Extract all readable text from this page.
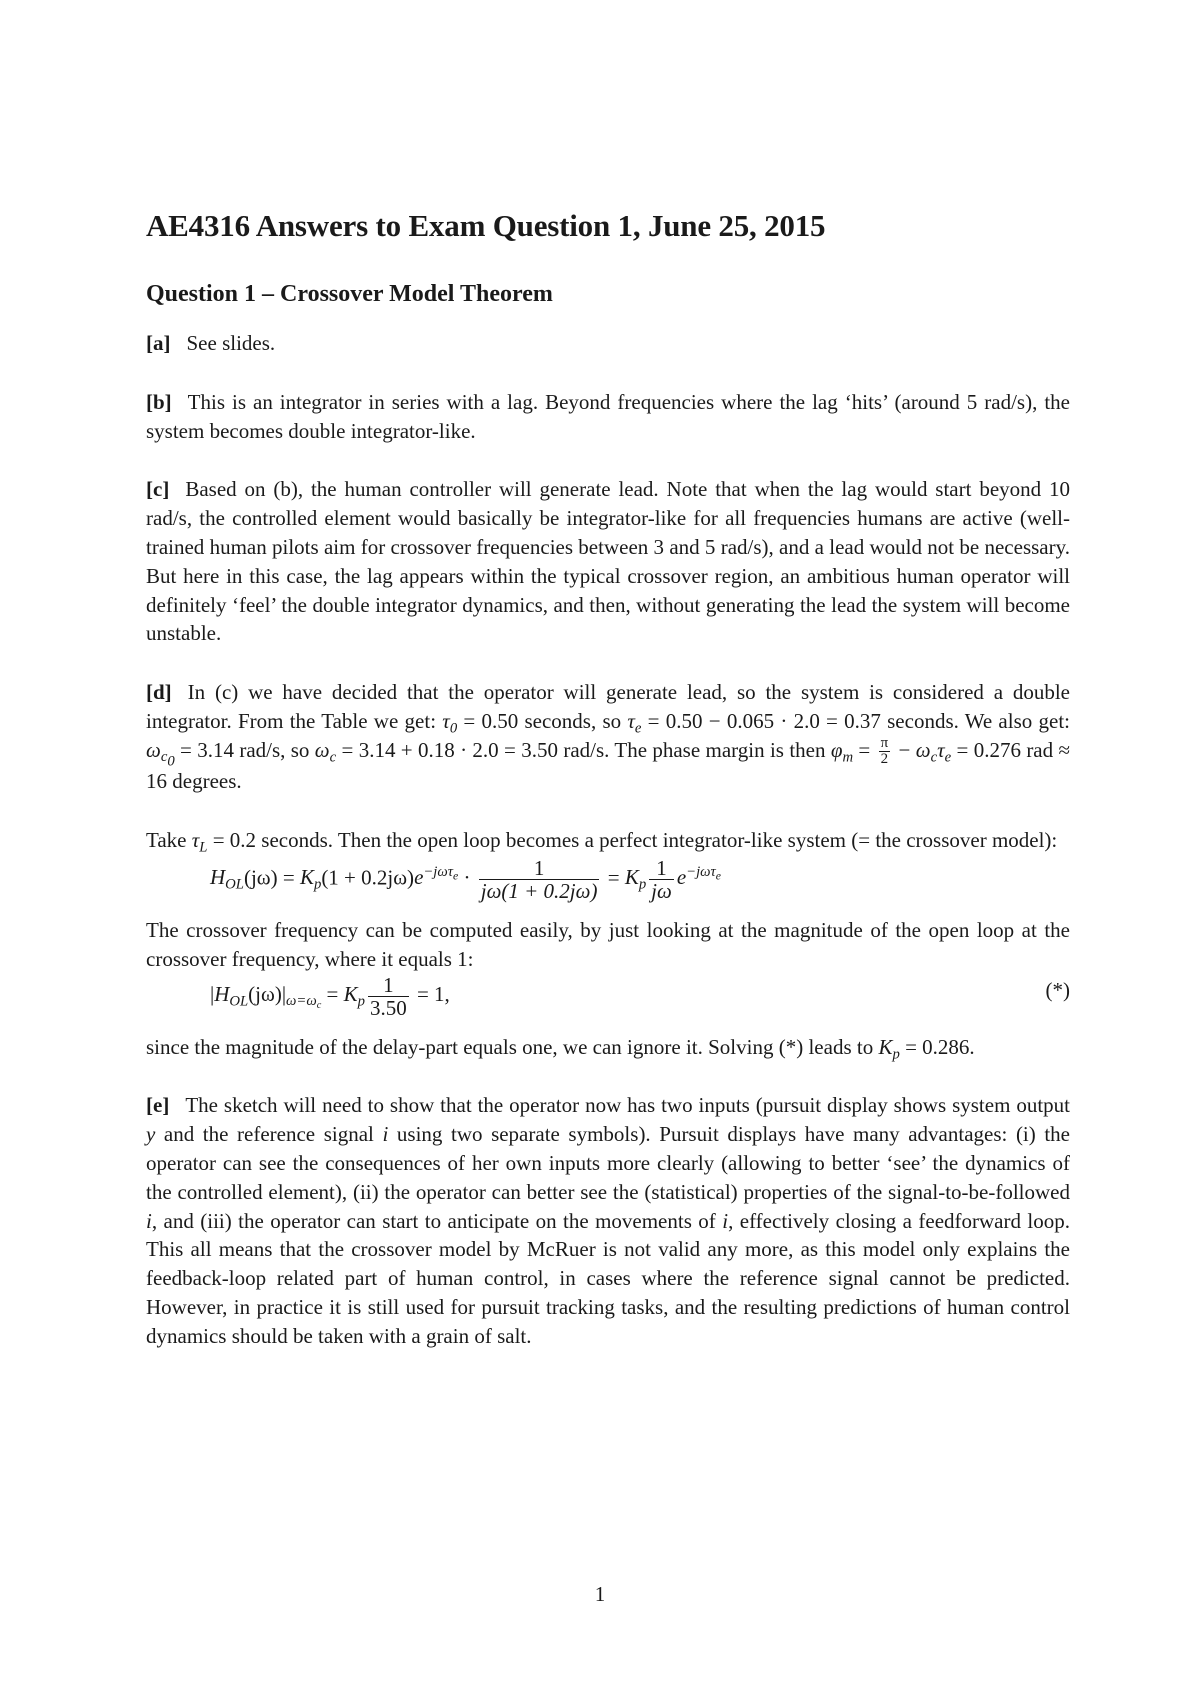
AE4316 Answers to Exam Question 1, June 25, 2015
Question 1 – Crossover Model Theorem

[a] See slides.

[b] This is an integrator in series with a lag. Beyond frequencies where the lag ‘hits’ (around 5 rad/s), the system becomes double integrator-like.

[c] Based on (b), the human controller will generate lead. Note that when the lag would start beyond 10 rad/s, the controlled element would basically be integrator-like for all frequencies humans are active (well-trained human pilots aim for crossover frequencies between 3 and 5 rad/s), and a lead would not be necessary. But here in this case, the lag appears within the typical crossover region, an ambitious human operator will definitely ‘feel’ the double integrator dynamics, and then, without generating the lead the system will become unstable.

[d] In (c) we have decided that the operator will generate lead, so the system is considered a double integrator. From the Table we get: $\tau_0 = 0.50$ seconds, so $\tau_e = 0.50 - 0.065 \cdot 2.0 = 0.37$ seconds. We also get: $\omega_{c_0} = 3.14$ rad/s, so $\omega_c = 3.14 + 0.18 \cdot 2.0 = 3.50$ rad/s. The phase margin is then $\varphi_m = \frac{\pi}{2} - \omega_c\tau_e = 0.276$ rad ≈ 16 degrees.

Take $\tau_L = 0.2$ seconds. Then the open loop becomes a perfect integrator-like system (= the crossover model):

$H_{OL}(j\omega) = K_p(1 + 0.2j\omega)e^{-j\omega\tau_e} \cdot \frac{1}{j\omega(1 + 0.2j\omega)} = K_p \frac{1}{j\omega} e^{-j\omega\tau_e}$

The crossover frequency can be computed easily, by just looking at the magnitude of the open loop at the crossover frequency, where it equals 1:

$|H_{OL}(j\omega)|_{\omega=\omega_c} = K_p \frac{1}{3.50} = 1$,	(*)

since the magnitude of the delay-part equals one, we can ignore it. Solving (*) leads to $K_p = 0.286$.

[e] The sketch will need to show that the operator now has two inputs (pursuit display shows system output y and the reference signal i using two separate symbols). Pursuit displays have many advantages: (i) the operator can see the consequences of her own inputs more clearly (allowing to better ‘see’ the dynamics of the controlled element), (ii) the operator can better see the (statistical) properties of the signal-to-be-followed i, and (iii) the operator can start to anticipate on the movements of i, effectively closing a feedforward loop. This all means that the crossover model by McRuer is not valid any more, as this model only explains the feedback-loop related part of human control, in cases where the reference signal cannot be predicted. However, in practice it is still used for pursuit tracking tasks, and the resulting predictions of human control dynamics should be taken with a grain of salt.

1
